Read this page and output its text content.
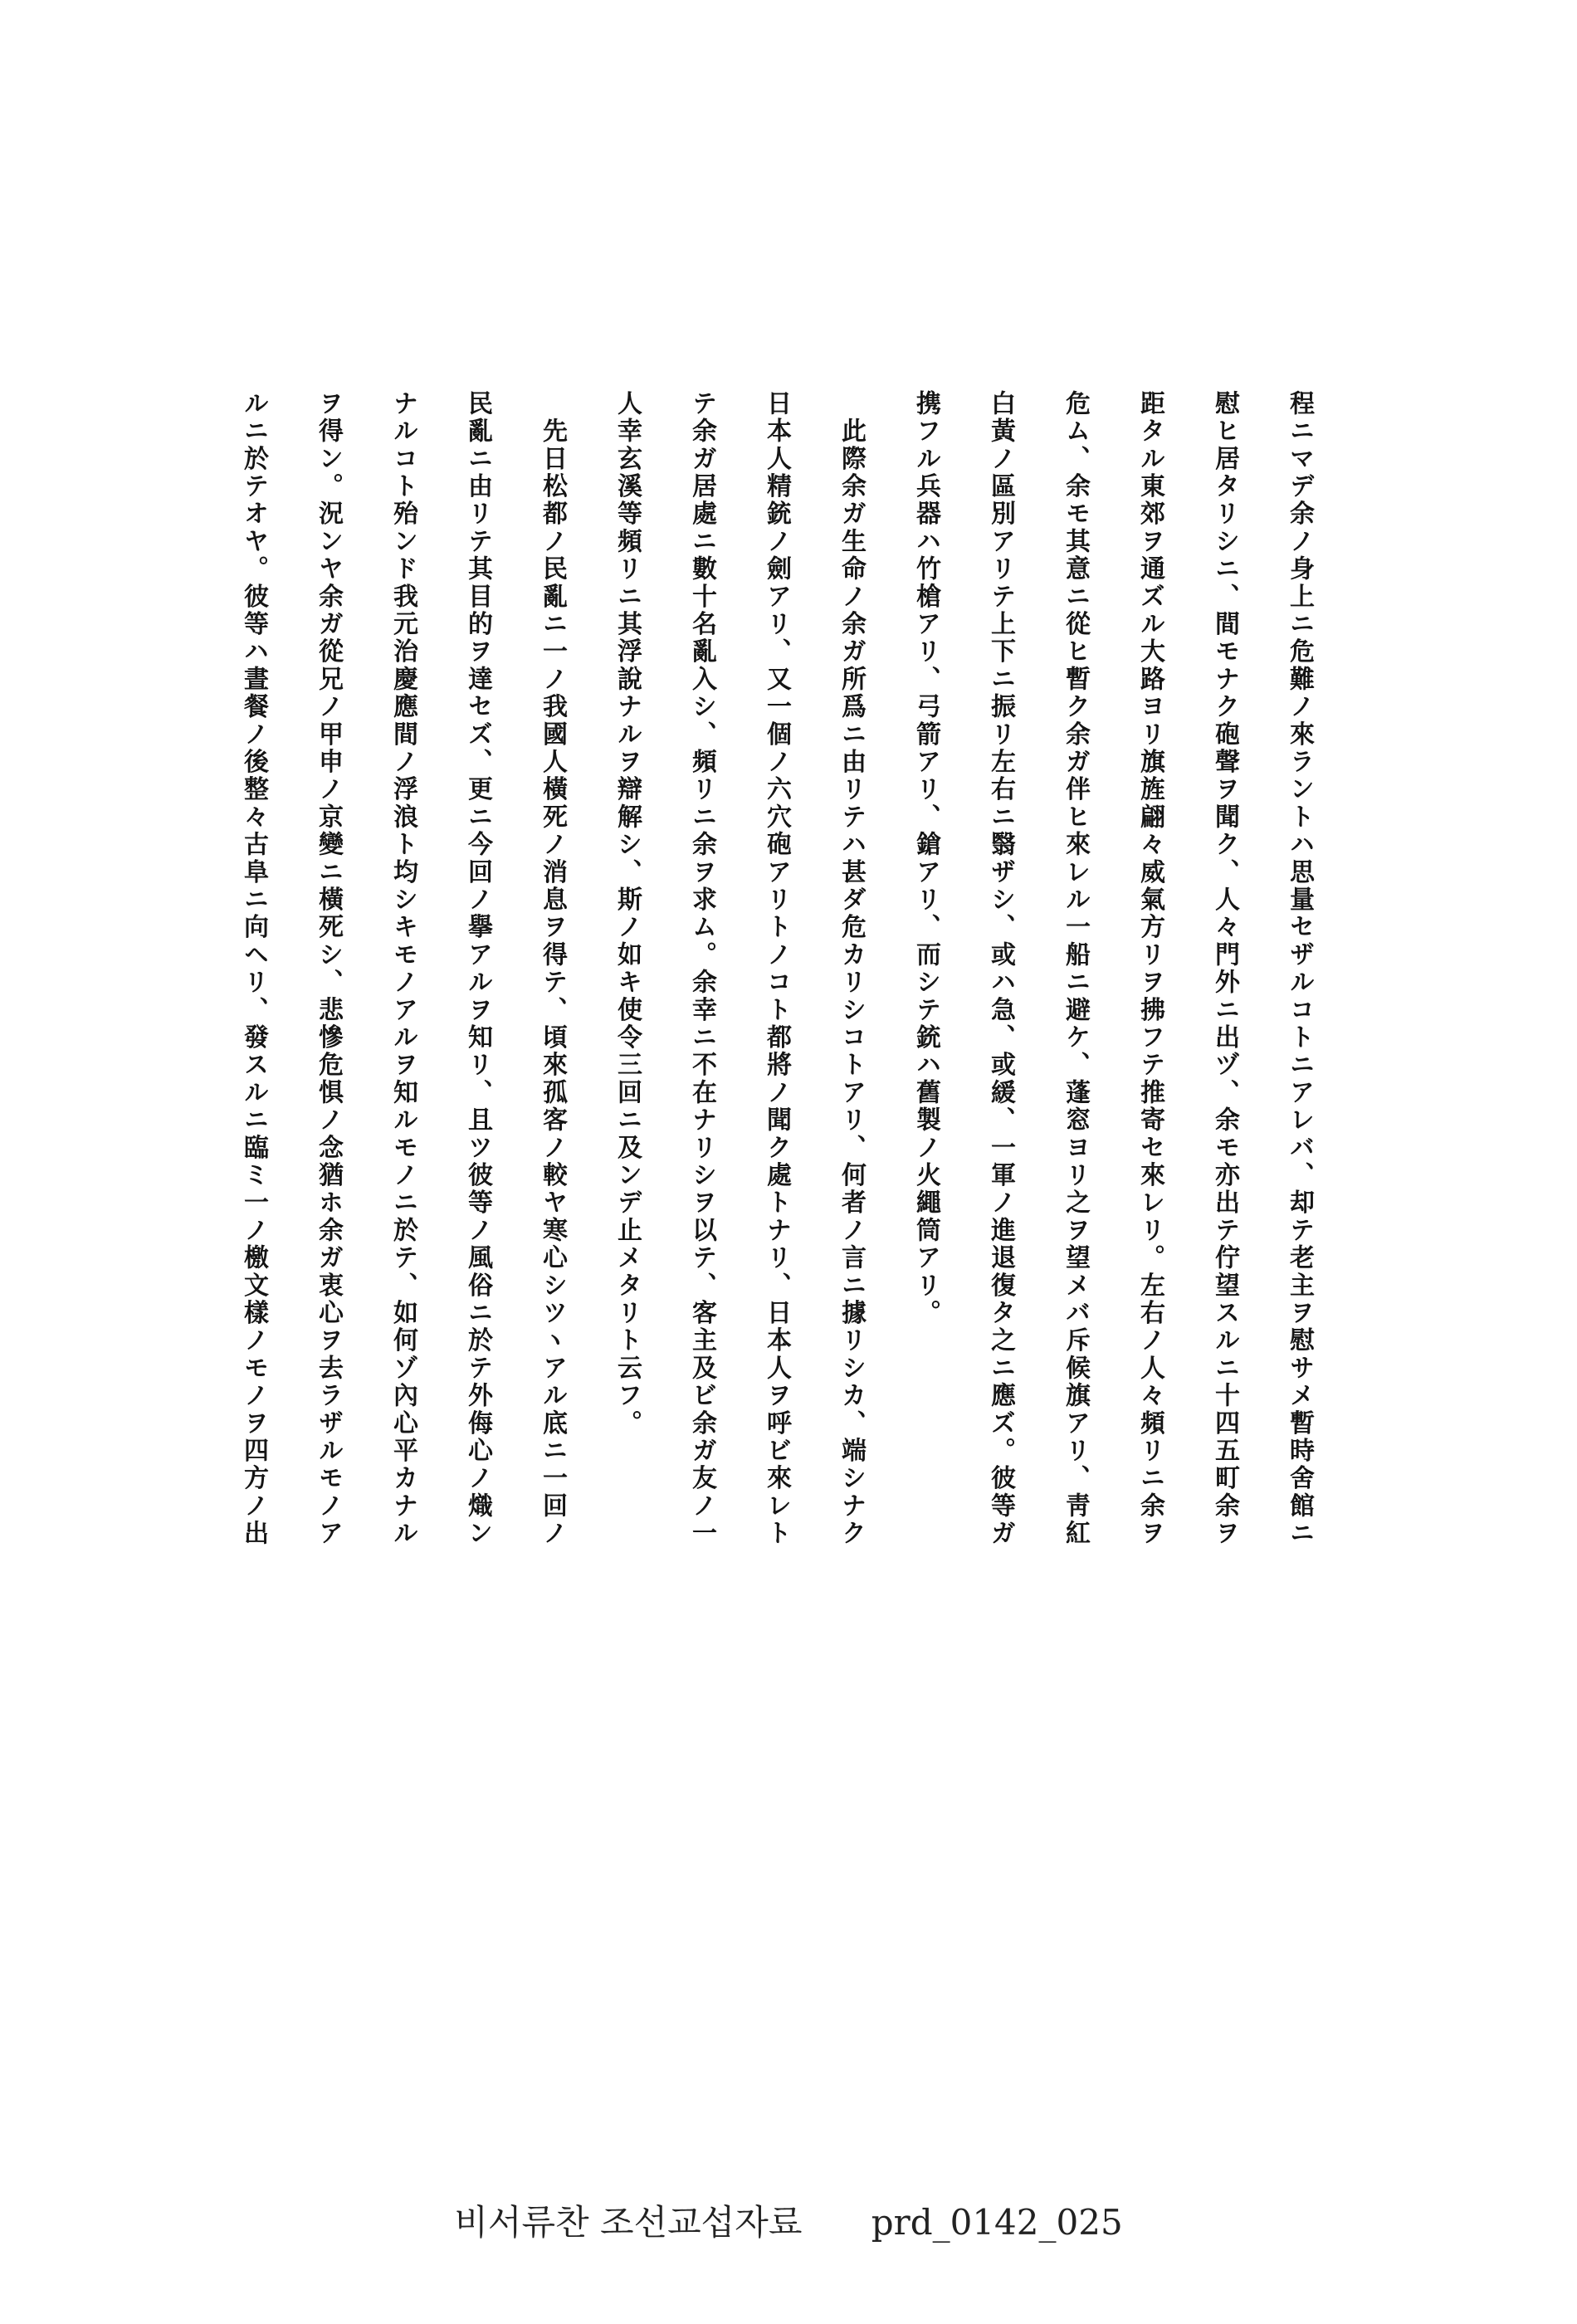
程ニマデ余ノ身上ニ危難ノ來ラントハ思量セザルコトニアレバ、却テ老主ヲ慰サメ暫時舍館ニ
慰ヒ居タリシニ、間モナク砲聲ヲ聞ク、人々門外ニ出ヅ、余モ亦出テ佇望スルニ十四五町余ヲ
距タル東郊ヲ通ズル大路ヨリ旗旌翩々威氣方リヲ拂フテ推寄セ來レリ。左右ノ人々頻リニ余ヲ
危ム、余モ其意ニ從ヒ暫ク余ガ伴ヒ來レル一船ニ避ケ、蓬窓ヨリ之ヲ望メバ斥候旗アリ、靑紅
白黃ノ區別アリテ上下ニ振リ左右ニ翳ザシ、或ハ急、或緩、一軍ノ進退復タ之ニ應ズ。彼等ガ
携フル兵器ハ竹槍アリ、弓箭アリ、鎗アリ、而シテ銃ハ舊製ノ火繩筒アリ。
　此際余ガ生命ノ余ガ所爲ニ由リテハ甚ダ危カリシコトアリ、何者ノ言ニ據リシカ、端シナク
日本人精銃ノ劍アリ、又一個ノ六穴砲アリトノコト都將ノ聞ク處トナリ、日本人ヲ呼ビ來レト
テ余ガ居處ニ數十名亂入シ、頻リニ余ヲ求ム。余幸ニ不在ナリシヲ以テ、客主及ビ余ガ友ノ一
人幸玄溪等頻リニ其浮說ナルヲ辯解シ、斯ノ如キ使令三回ニ及ンデ止メタリト云フ。
　先日松都ノ民亂ニ一ノ我國人橫死ノ消息ヲ得テ、頃來孤客ノ較ヤ寒心シツヽアル底ニ一回ノ
民亂ニ由リテ其目的ヲ達セズ、更ニ今回ノ擧アルヲ知リ、且ツ彼等ノ風俗ニ於テ外侮心ノ熾ン
ナルコト殆ンド我元治慶應間ノ浮浪ト均シキモノアルヲ知ルモノニ於テ、如何ゾ內心平カナル
ヲ得ン。況ンヤ余ガ從兄ノ甲申ノ京變ニ橫死シ、悲慘危惧ノ念猶ホ余ガ衷心ヲ去ラザルモノア
ルニ於テオヤ。彼等ハ晝餐ノ後整々古阜ニ向ヘリ、發スルニ臨ミ一ノ檄文樣ノモノヲ四方ノ出
비서류찬 조선교섭자료 prd_0142_025
